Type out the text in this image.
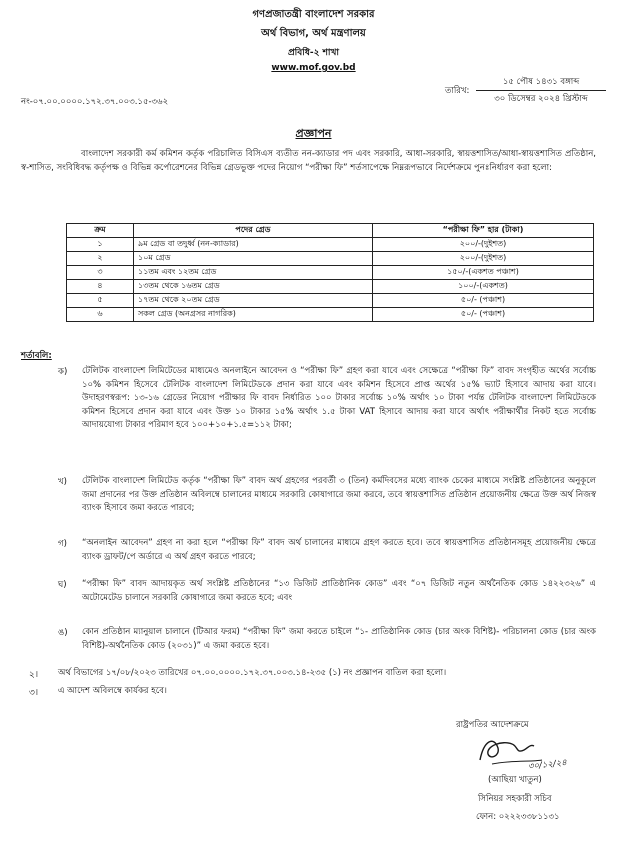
গণপ্রজাতন্ত্রী বাংলাদেশ সরকার
অর্থ বিভাগ, অর্থ মন্ত্রণালয়
প্রবিধি-২ শাখা
www.mof.gov.bd
নং-০৭.০০.০০০০.১৭২.৩৭.০০৩.১৫-৩৬২
তারিখ:
১৫ পৌষ ১৪৩১ বঙ্গাব্দ
৩০ ডিসেম্বর ২০২৪ খ্রিস্টাব্দ
প্রজ্ঞাপন
বাংলাদেশ সরকারী কর্ম কমিশন কর্তৃক পরিচালিত বিসিএস ব্যতীত নন-ক্যাডার পদ এবং সরকারি, আধা-সরকারি, স্বায়ত্তশাসিত/আধা-স্বায়ত্তশাসিত প্রতিষ্ঠান, স্ব-শাসিত, সংবিধিবদ্ধ কর্তৃপক্ষ ও বিভিন্ন কর্পোরেশনের বিভিন্ন গ্রেডভুক্ত পদের নিয়োগ “পরীক্ষা ফি” শর্তসাপেক্ষে নিম্নরূপভাবে নির্দেশক্রমে পুনঃনির্ধারণ করা হলো:
ক্রম	পদের গ্রেড	“পরীক্ষা ফি” হার (টাকা)
১	৯ম গ্রেড বা তদুর্ধ্ব (নন-ক্যাডার)	২০০/-(দুইশত)
২	১০ম গ্রেড	২০০/-(দুইশত)
৩	১১তম এবং ১২তম গ্রেড	১৫০/-(একশত পঞ্চাশ)
৪	১৩তম থেকে ১৬তম গ্রেড	১০০/-(একশত)
৫	১৭তম থেকে ২০তম গ্রেড	৫০/- (পঞ্চাশ)
৬	সকল গ্রেড (অনগ্রসর নাগরিক)	৫০/- (পঞ্চাশ)
শর্তাবলি:
ক) টেলিটক বাংলাদেশ লিমিটেডের মাধ্যমেও অনলাইনে আবেদন ও “পরীক্ষা ফি” গ্রহণ করা যাবে এবং সেক্ষেত্রে “পরীক্ষা ফি” বাবদ সংগৃহীত অর্থের সর্বোচ্চ ১০% কমিশন হিসেবে টেলিটক বাংলাদেশ লিমিটেডকে প্রদান করা যাবে এবং কমিশন হিসেবে প্রাপ্ত অর্থের ১৫% ভ্যাট হিসাবে আদায় করা যাবে। উদাহরণস্বরূপ: ১৩-১৬ গ্রেডের নিয়োগ পরীক্ষার ফি বাবদ নির্ধারিত ১০০ টাকার সর্বোচ্চ ১০% অর্থাৎ ১০ টাকা পর্যন্ত টেলিটক বাংলাদেশ লিমিটেডকে কমিশন হিসেবে প্রদান করা যাবে এবং উক্ত ১০ টাকার ১৫% অর্থাৎ ১.৫ টাকা VAT হিসাবে আদায় করা যাবে অর্থাৎ পরীক্ষার্থীর নিকট হতে সর্বোচ্চ আদায়যোগ্য টাকার পরিমাণ হবে ১০০+১০+১.৫=১১২ টাকা;
খ) টেলিটক বাংলাদেশ লিমিটেড কর্তৃক “পরীক্ষা ফি” বাবদ অর্থ গ্রহণের পরবর্তী ৩ (তিন) কর্মদিবসের মধ্যে ব্যাংক চেকের মাধ্যমে সংশ্লিষ্ট প্রতিষ্ঠানের অনুকূলে জমা প্রদানের পর উক্ত প্রতিষ্ঠান অবিলম্বে চালানের মাধ্যমে সরকারি কোষাগারে জমা করবে, তবে স্বায়ত্তশাসিত প্রতিষ্ঠান প্রয়োজনীয় ক্ষেত্রে উক্ত অর্থ নিজস্ব ব্যাংক হিসাবে জমা করতে পারবে;
গ) “অনলাইন আবেদন” গ্রহণ না করা হলে “পরীক্ষা ফি” বাবদ অর্থ চালানের মাধ্যমে গ্রহণ করতে হবে। তবে স্বায়ত্তশাসিত প্রতিষ্ঠানসমূহ প্রয়োজনীয় ক্ষেত্রে ব্যাংক ড্রাফট/পে অর্ডারে এ অর্থ গ্রহণ করতে পারবে;
ঘ) “পরীক্ষা ফি” বাবদ আদায়কৃত অর্থ সংশ্লিষ্ট প্রতিষ্ঠানের “১৩ ডিজিট প্রাতিষ্ঠানিক কোড” এবং “০৭ ডিজিট নতুন অর্থনৈতিক কোড ১৪২২৩২৬” এ অটোমেটেড চালানে সরকারি কোষাগারে জমা করতে হবে; এবং
ঙ) কোন প্রতিষ্ঠান ম্যানুয়াল চালানে (টিআর ফরম) “পরীক্ষা ফি” জমা করতে চাইলে “১- প্রাতিষ্ঠানিক কোড (চার অংক বিশিষ্ট)- পরিচালনা কোড (চার অংক বিশিষ্ট)-অর্থনৈতিক কোড (২০৩১)” এ জমা করতে হবে।
২। অর্থ বিভাগের ১৭/০৮/২০২৩ তারিখের ০৭.০০.০০০০.১৭২.৩৭.০০৩.১৪-২৩৫ (১) নং প্রজ্ঞাপন বাতিল করা হলো।
৩। এ আদেশ অবিলম্বে কার্যকর হবে।
রাষ্ট্রপতির আদেশক্রমে
৩০/১২/২৪
(আছিয়া খাতুন)
সিনিয়র সহকারী সচিব
ফোন: ০২২২৩৩৮১১৩১
